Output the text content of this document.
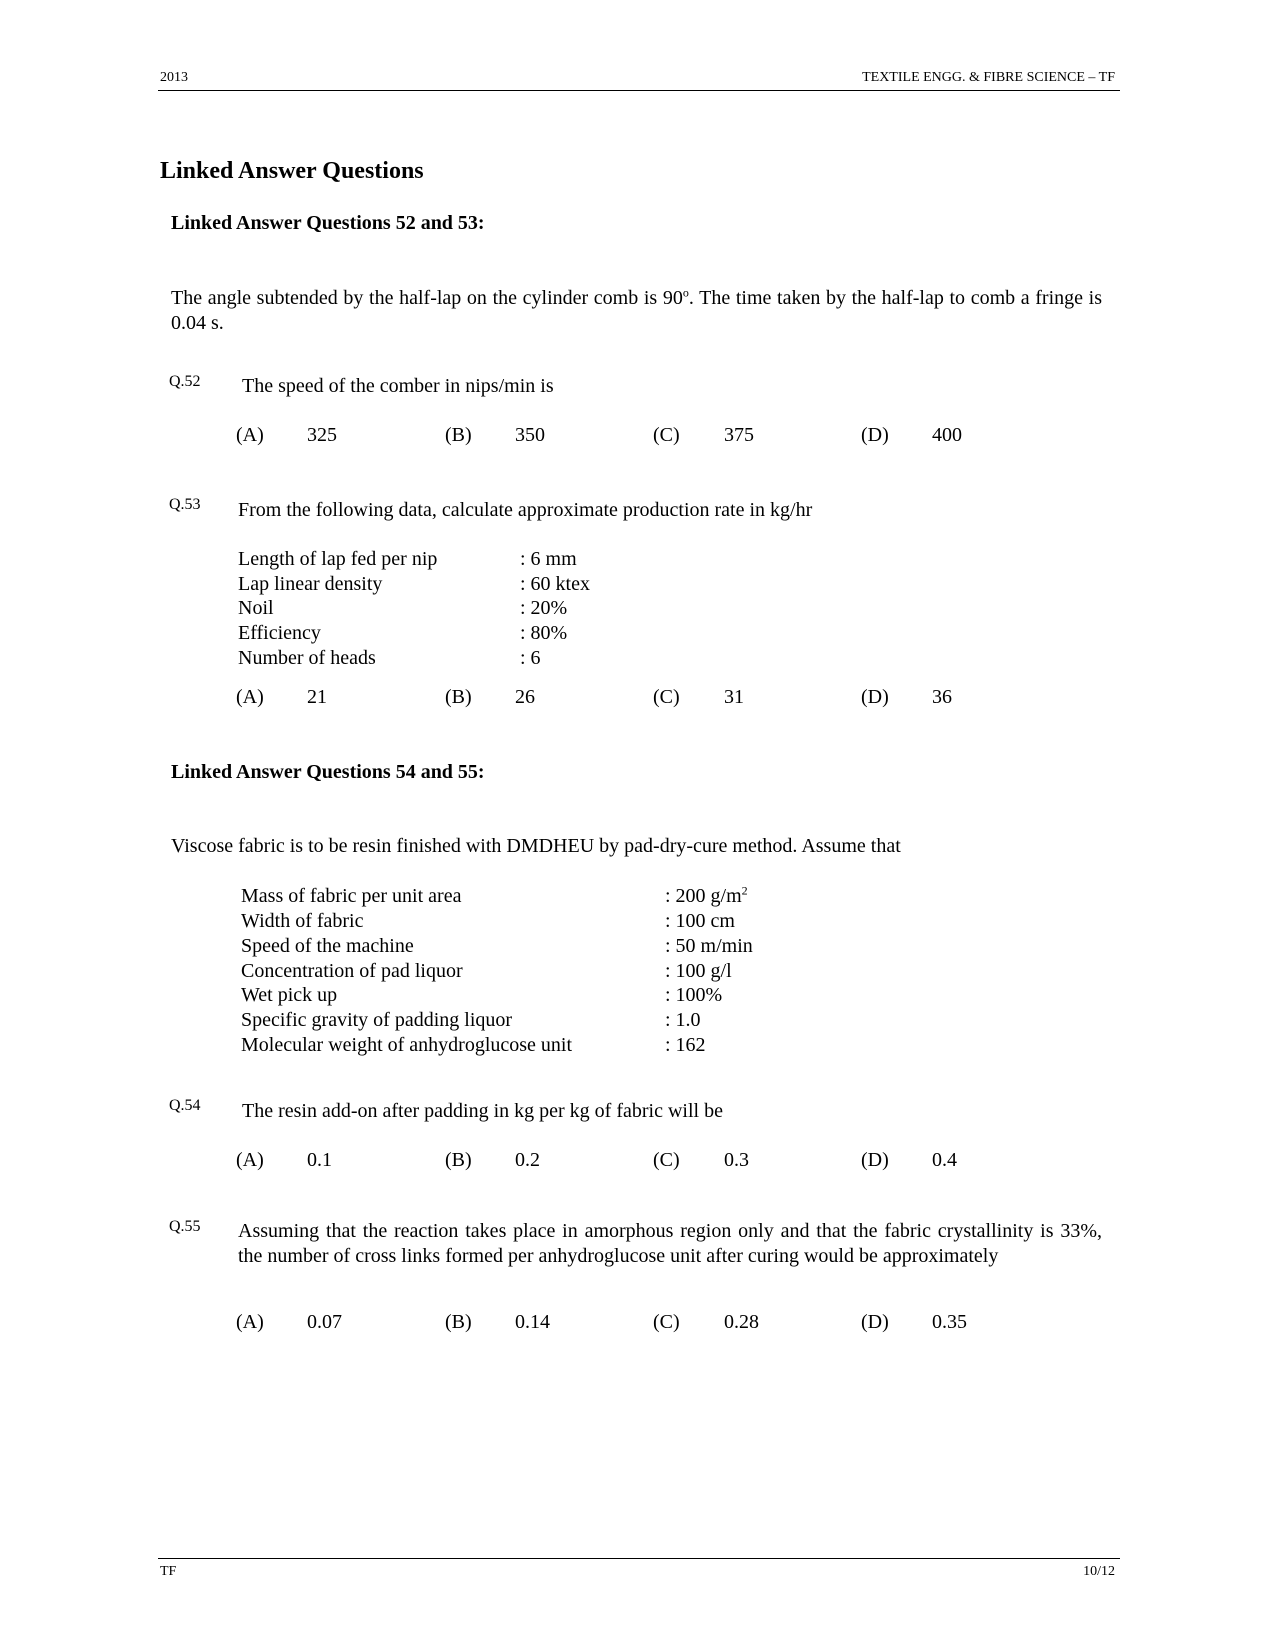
2013	TEXTILE ENGG. & FIBRE SCIENCE – TF
Linked Answer Questions
Linked Answer Questions 52 and 53:
The angle subtended by the half-lap on the cylinder comb is 90$^o$. The time taken by the half-lap to comb a fringe is 0.04 s.
Q.52 The speed of the comber in nips/min is
(A) 325	(B) 350	(C) 375	(D) 400
Q.53 From the following data, calculate approximate production rate in kg/hr
Length of lap fed per nip	: 6 mm
Lap linear density	: 60 ktex
Noil	: 20%
Efficiency	: 80%
Number of heads	: 6
(A) 21	(B) 26	(C) 31	(D) 36
Linked Answer Questions 54 and 55:
Viscose fabric is to be resin finished with DMDHEU by pad-dry-cure method. Assume that
Mass of fabric per unit area	: 200 $g/m^2$
Width of fabric	: 100 cm
Speed of the machine	: 50 m/min
Concentration of pad liquor	: 100 g/l
Wet pick up	: 100%
Specific gravity of padding liquor	: 1.0
Molecular weight of anhydroglucose unit	: 162
Q.54 The resin add-on after padding in kg per kg of fabric will be
(A) 0.1	(B) 0.2	(C) 0.3	(D) 0.4
Q.55 Assuming that the reaction takes place in amorphous region only and that the fabric crystallinity is 33%, the number of cross links formed per anhydroglucose unit after curing would be approximately
(A) 0.07	(B) 0.14	(C) 0.28	(D) 0.35
TF	10/12
